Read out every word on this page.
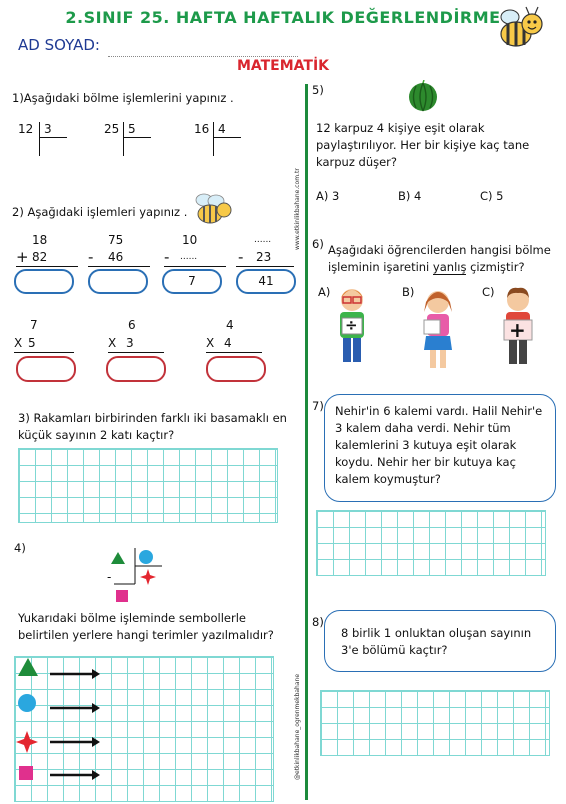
2.SINIF 25. HAFTA HAFTALIK DEĞERLENDİRME
AD SOYAD:
MATEMATİK
www.etkinlikbahane.com.tr
@etkinlikbahane_ogrenmekbahane
1)Aşağıdaki bölme işlemlerini yapınız .
12 3	25 5	16 4
2) Aşağıdaki işlemleri yapınız .
18
+ 82
75
- 46
10
- ......
......
- 23
7	41
7
X 5
6
X 3
4
X 4
3) Rakamları birbirinden farklı iki basamaklı en küçük sayının 2 katı kaçtır?
4)
-
Yukarıdaki bölme işleminde sembollerle belirtilen yerlere hangi terimler yazılmalıdır?
5)
12 karpuz 4 kişiye eşit olarak paylaştırılıyor. Her bir kişiye kaç tane karpuz düşer?
A) 3	B) 4	C) 5
6) Aşağıdaki öğrencilerden hangisi bölme işleminin işaretini yanlış çizmiştir?
A)	B)	C)
÷	+
7) Nehir'in 6 kalemi vardı. Halil Nehir'e 3 kalem daha verdi. Nehir tüm kalemlerini 3 kutuya eşit olarak koydu. Nehir her bir kutuya kaç kalem koymuştur?
8)
8 birlik 1 onluktan oluşan sayının 3'e bölümü kaçtır?
